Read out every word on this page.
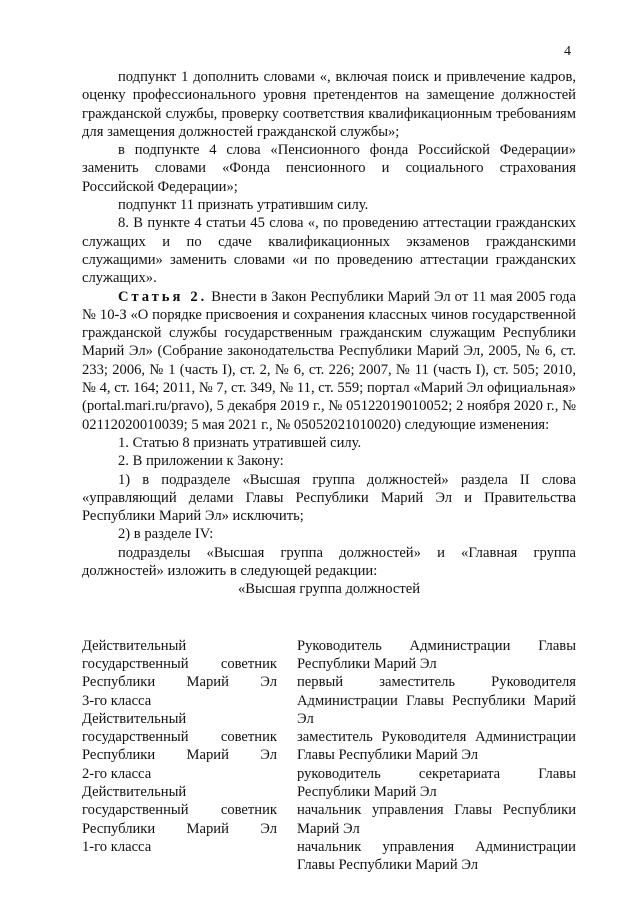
4

подпункт 1 дополнить словами «, включая поиск и привлечение кадров, оценку профессионального уровня претендентов на замещение должностей гражданской службы, проверку соответствия квалификационным требованиям для замещения должностей гражданской службы»;

в подпункте 4 слова «Пенсионного фонда Российской Федерации» заменить словами «Фонда пенсионного и социального страхования Российской Федерации»;

подпункт 11 признать утратившим силу.

8. В пункте 4 статьи 45 слова «, по проведению аттестации гражданских служащих и по сдаче квалификационных экзаменов гражданскими служащими» заменить словами «и по проведению аттестации гражданских служащих».

Статья 2. Внести в Закон Республики Марий Эл от 11 мая 2005 года № 10-З «О порядке присвоения и сохранения классных чинов государственной гражданской службы государственным гражданским служащим Республики Марий Эл» (Собрание законодательства Республики Марий Эл, 2005, № 6, ст. 233; 2006, № 1 (часть I), ст. 2, № 6, ст. 226; 2007, № 11 (часть I), ст. 505; 2010, № 4, ст. 164; 2011, № 7, ст. 349, № 11, ст. 559; портал «Марий Эл официальная» (portal.mari.ru/pravo), 5 декабря 2019 г., № 05122019010052; 2 ноября 2020 г., № 02112020010039; 5 мая 2021 г., № 05052021010020) следующие изменения:

1. Статью 8 признать утратившей силу.

2. В приложении к Закону:

1) в подразделе «Высшая группа должностей» раздела II слова «управляющий делами Главы Республики Марий Эл и Правительства Республики Марий Эл» исключить;

2) в разделе IV:

подразделы «Высшая группа должностей» и «Главная группа должностей» изложить в следующей редакции:

«Высшая группа должностей

Действительный

государственный советник

Республики Марий Эл

3-го класса

Действительный

государственный советник

Республики Марий Эл

2-го класса

Действительный

государственный советник

Республики Марий Эл

1-го класса

Руководитель Администрации Главы Республики Марий Эл

первый заместитель Руководителя Администрации Главы Республики Марий Эл

заместитель Руководителя Администрации Главы Республики Марий Эл

руководитель секретариата Главы Республики Марий Эл

начальник управления Главы Республики Марий Эл

начальник управления Администрации Главы Республики Марий Эл
